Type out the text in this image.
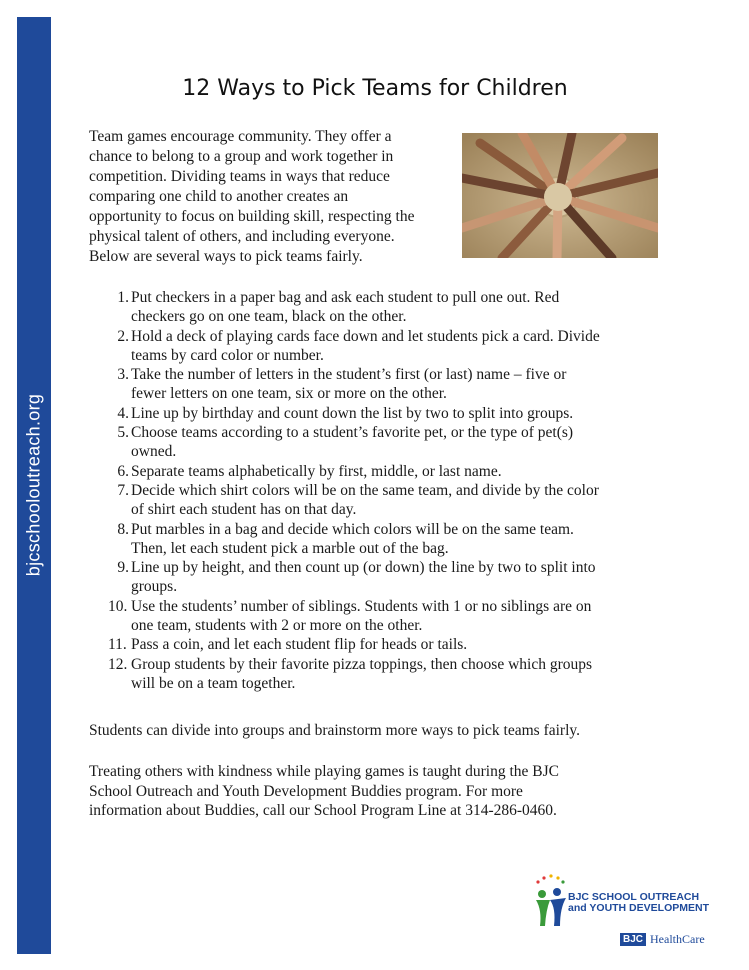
bjcschooloutreach.org
12 Ways to Pick Teams for Children

Team games encourage community. They offer a
chance to belong to a group and work together in
competition. Dividing teams in ways that reduce
comparing one child to another creates an
opportunity to focus on building skill, respecting the
physical talent of others, and including everyone.
Below are several ways to pick teams fairly.

1. Put checkers in a paper bag and ask each student to pull one out. Red
checkers go on one team, black on the other.
2. Hold a deck of playing cards face down and let students pick a card. Divide
teams by card color or number.
3. Take the number of letters in the student’s first (or last) name – five or
fewer letters on one team, six or more on the other.
4. Line up by birthday and count down the list by two to split into groups.
5. Choose teams according to a student’s favorite pet, or the type of pet(s)
owned.
6. Separate teams alphabetically by first, middle, or last name.
7. Decide which shirt colors will be on the same team, and divide by the color
of shirt each student has on that day.
8. Put marbles in a bag and decide which colors will be on the same team.
Then, let each student pick a marble out of the bag.
9. Line up by height, and then count up (or down) the line by two to split into
groups.
10. Use the students’ number of siblings. Students with 1 or no siblings are on
one team, students with 2 or more on the other.
11. Pass a coin, and let each student flip for heads or tails.
12. Group students by their favorite pizza toppings, then choose which groups
will be on a team together.

Students can divide into groups and brainstorm more ways to pick teams fairly.

Treating others with kindness while playing games is taught during the BJC
School Outreach and Youth Development Buddies program. For more
information about Buddies, call our School Program Line at 314-286-0460.

BJC SCHOOL OUTREACH
and YOUTH DEVELOPMENT

BJC HealthCare
